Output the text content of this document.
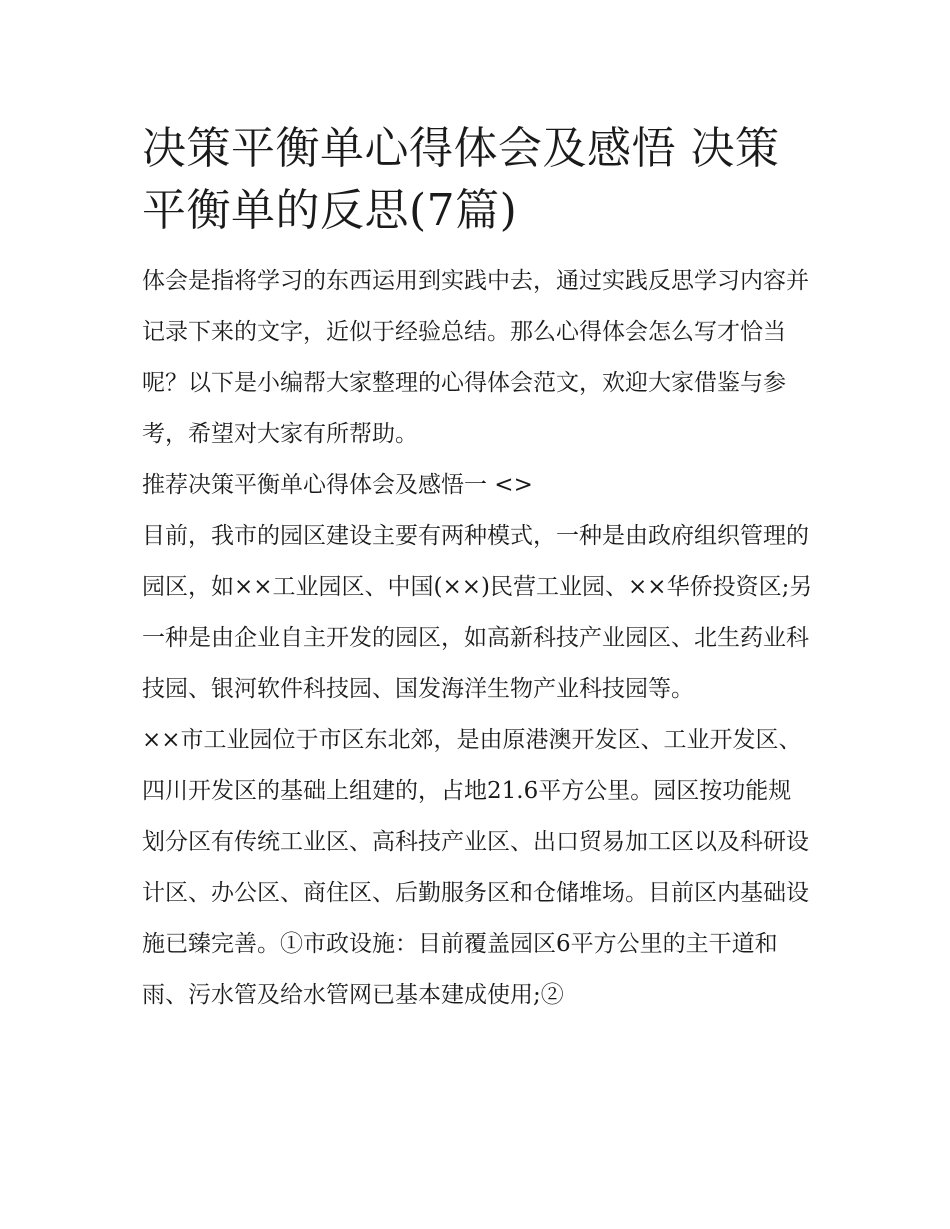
决策平衡单心得体会及感悟 决策平衡单的反思(7篇)

体会是指将学习的东西运用到实践中去，通过实践反思学习内容并记录下来的文字，近似于经验总结。那么心得体会怎么写才恰当呢？以下是小编帮大家整理的心得体会范文，欢迎大家借鉴与参考，希望对大家有所帮助。

推荐决策平衡单心得体会及感悟一 <>

目前，我市的园区建设主要有两种模式，一种是由政府组织管理的园区，如××工业园区、中国(××)民营工业园、××华侨投资区;另一种是由企业自主开发的园区，如高新科技产业园区、北生药业科技园、银河软件科技园、国发海洋生物产业科技园等。

××市工业园位于市区东北郊，是由原港澳开发区、工业开发区、四川开发区的基础上组建的，占地21.6平方公里。园区按功能规划分区有传统工业区、高科技产业区、出口贸易加工区以及科研设计区、办公区、商住区、后勤服务区和仓储堆场。目前区内基础设施已臻完善。①市政设施：目前覆盖园区6平方公里的主干道和雨、污水管及给水管网已基本建成使用;②
